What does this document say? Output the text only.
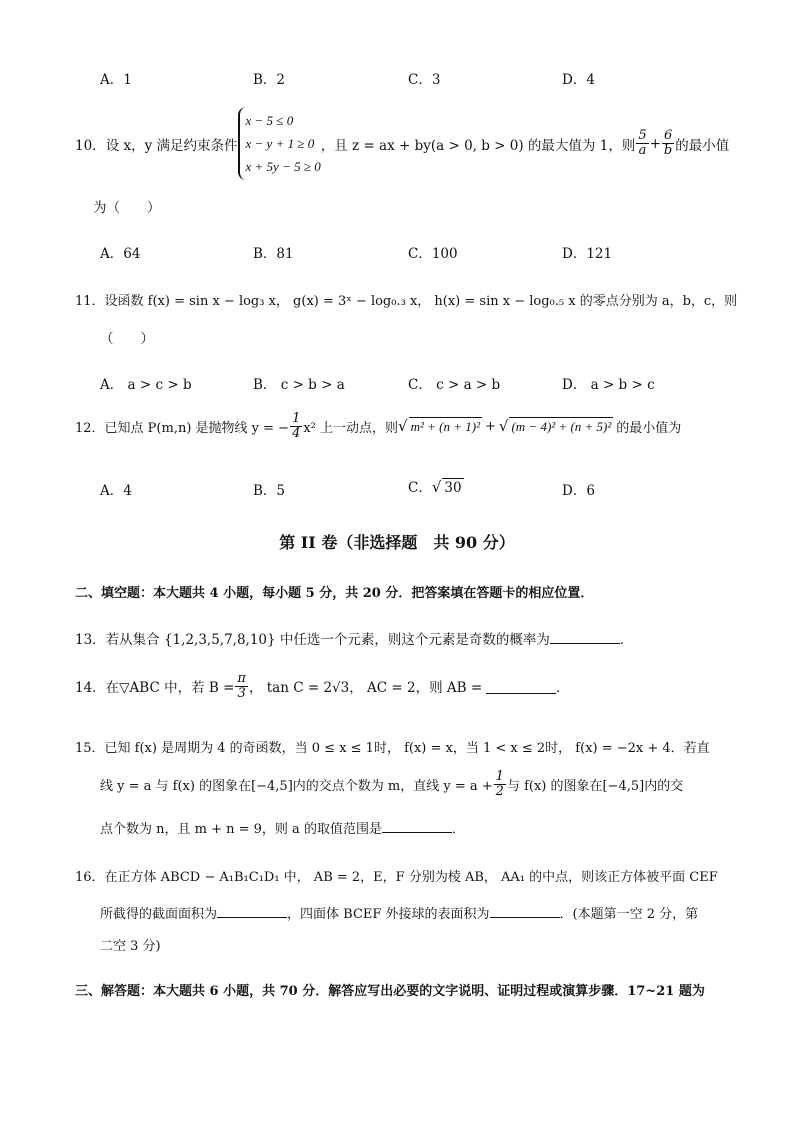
A．1	B．2	C．3	D．4
10． 设 x，y 满足约束条件
x − 5 ≤ 0
x − y + 1 ≥ 0
x + 5y − 5 ≥ 0
，且 z = ax + by(a > 0, b > 0) 的最大值为 1，则 $\frac{5}{a} + \frac{6}{b}$ 的最小值
为（　　）
A．64	B．81	C．100	D．121
11．设函数 f(x) = sin x − log₃ x， g(x) = 3ˣ − log₀.₃ x， h(x) = sin x − log₀.₅ x 的零点分别为 a，b，c，则
（　　）
A． a > c > b	B． c > b > a	C． c > a > b	D． a > b > c
12．已知点 P(m,n) 是抛物线 y = − $\frac{1}{4} x^2$ 上一动点，则 √ m² + (n + 1)² + √ (m − 4)² + (n + 5)² 的最小值为
A．4	B．5	C．√ 30	D．6
第 II 卷（非选择题　共 90 分）
二、填空题：本大题共 4 小题，每小题 5 分，共 20 分．把答案填在答题卡的相应位置．
13．若从集合 {1,2,3,5,7,8,10} 中任选一个元素，则这个元素是奇数的概率为	．
14．在▽ABC 中，若 $B = \frac{\pi}{3}$ ， tan C = 2√3， AC = 2，则 AB =	．
15．已知 f(x) 是周期为 4 的奇函数，当 0 ≤ x ≤ 1时， f(x) = x，当 1 < x ≤ 2时， f(x) = −2x + 4．若直
线 y = a 与 f(x) 的图象在[−4,5]内的交点个数为 m，直线 $y = a + \frac{1}{2}$ 与 f(x) 的图象在[−4,5]内的交
点个数为 n，且 m + n = 9，则 a 的取值范围是	．
16．在正方体 ABCD − A₁B₁C₁D₁ 中， AB = 2，E，F 分别为棱 AB， AA₁ 的中点，则该正方体被平面 CEF
所截得的截面面积为	，四面体 BCEF 外接球的表面积为	．(本题第一空 2 分，第
二空 3 分)
三、解答题：本大题共 6 小题，共 70 分．解答应写出必要的文字说明、证明过程或演算步骤．17~21 题为
